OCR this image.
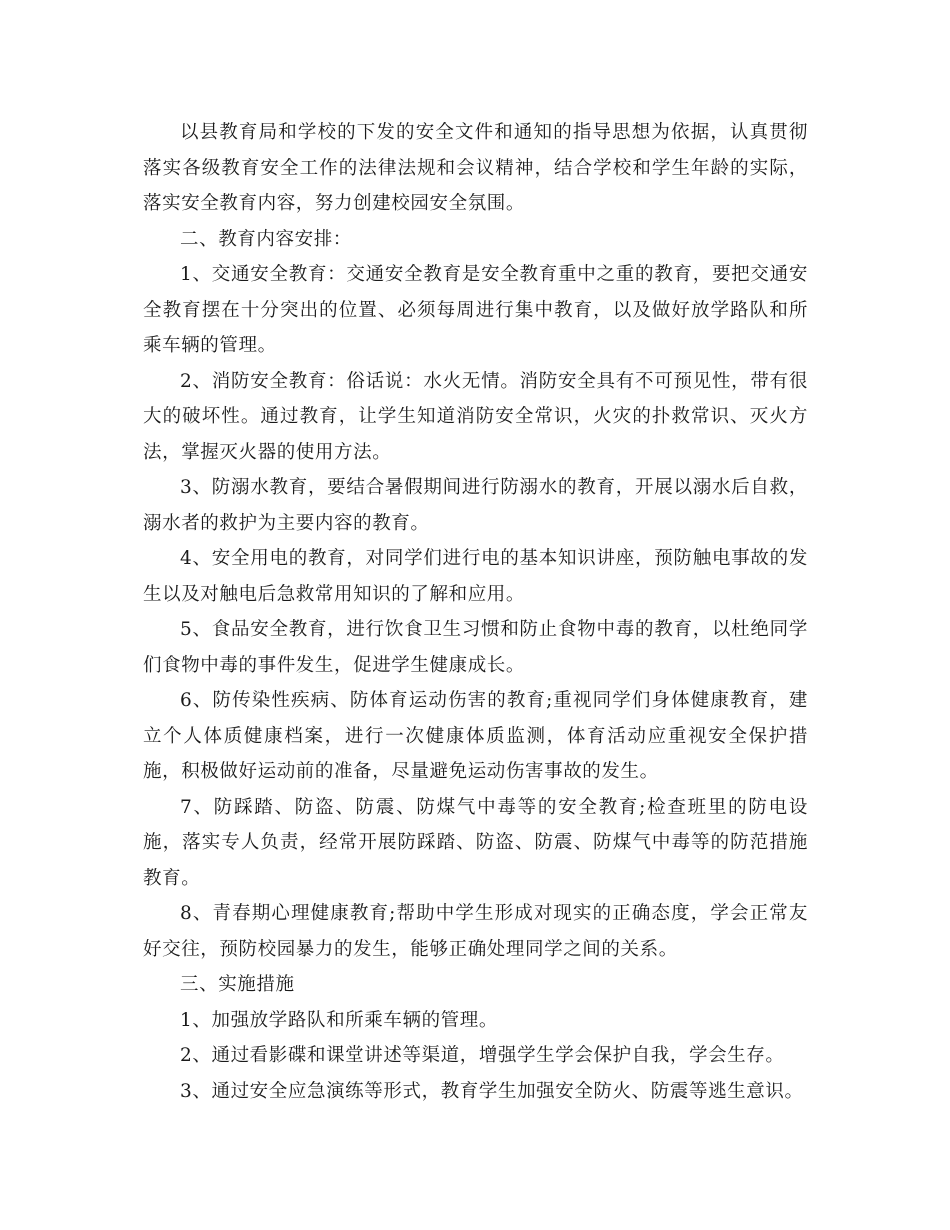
以县教育局和学校的下发的安全文件和通知的指导思想为依据，认真贯彻落实各级教育安全工作的法律法规和会议精神，结合学校和学生年龄的实际，落实安全教育内容，努力创建校园安全氛围。

二、教育内容安排：

1、交通安全教育：交通安全教育是安全教育重中之重的教育，要把交通安全教育摆在十分突出的位置、必须每周进行集中教育，以及做好放学路队和所乘车辆的管理。

2、消防安全教育：俗话说：水火无情。消防安全具有不可预见性，带有很大的破坏性。通过教育，让学生知道消防安全常识，火灾的扑救常识、灭火方法，掌握灭火器的使用方法。

3、防溺水教育，要结合暑假期间进行防溺水的教育，开展以溺水后自救，溺水者的救护为主要内容的教育。

4、安全用电的教育，对同学们进行电的基本知识讲座，预防触电事故的发生以及对触电后急救常用知识的了解和应用。

5、食品安全教育，进行饮食卫生习惯和防止食物中毒的教育，以杜绝同学们食物中毒的事件发生，促进学生健康成长。

6、防传染性疾病、防体育运动伤害的教育;重视同学们身体健康教育，建立个人体质健康档案，进行一次健康体质监测，体育活动应重视安全保护措施，积极做好运动前的准备，尽量避免运动伤害事故的发生。

7、防踩踏、防盗、防震、防煤气中毒等的安全教育;检查班里的防电设施，落实专人负责，经常开展防踩踏、防盗、防震、防煤气中毒等的防范措施教育。

8、青春期心理健康教育;帮助中学生形成对现实的正确态度，学会正常友好交往，预防校园暴力的发生，能够正确处理同学之间的关系。

三、实施措施

1、加强放学路队和所乘车辆的管理。

2、通过看影碟和课堂讲述等渠道，增强学生学会保护自我，学会生存。

3、通过安全应急演练等形式，教育学生加强安全防火、防震等逃生意识。
